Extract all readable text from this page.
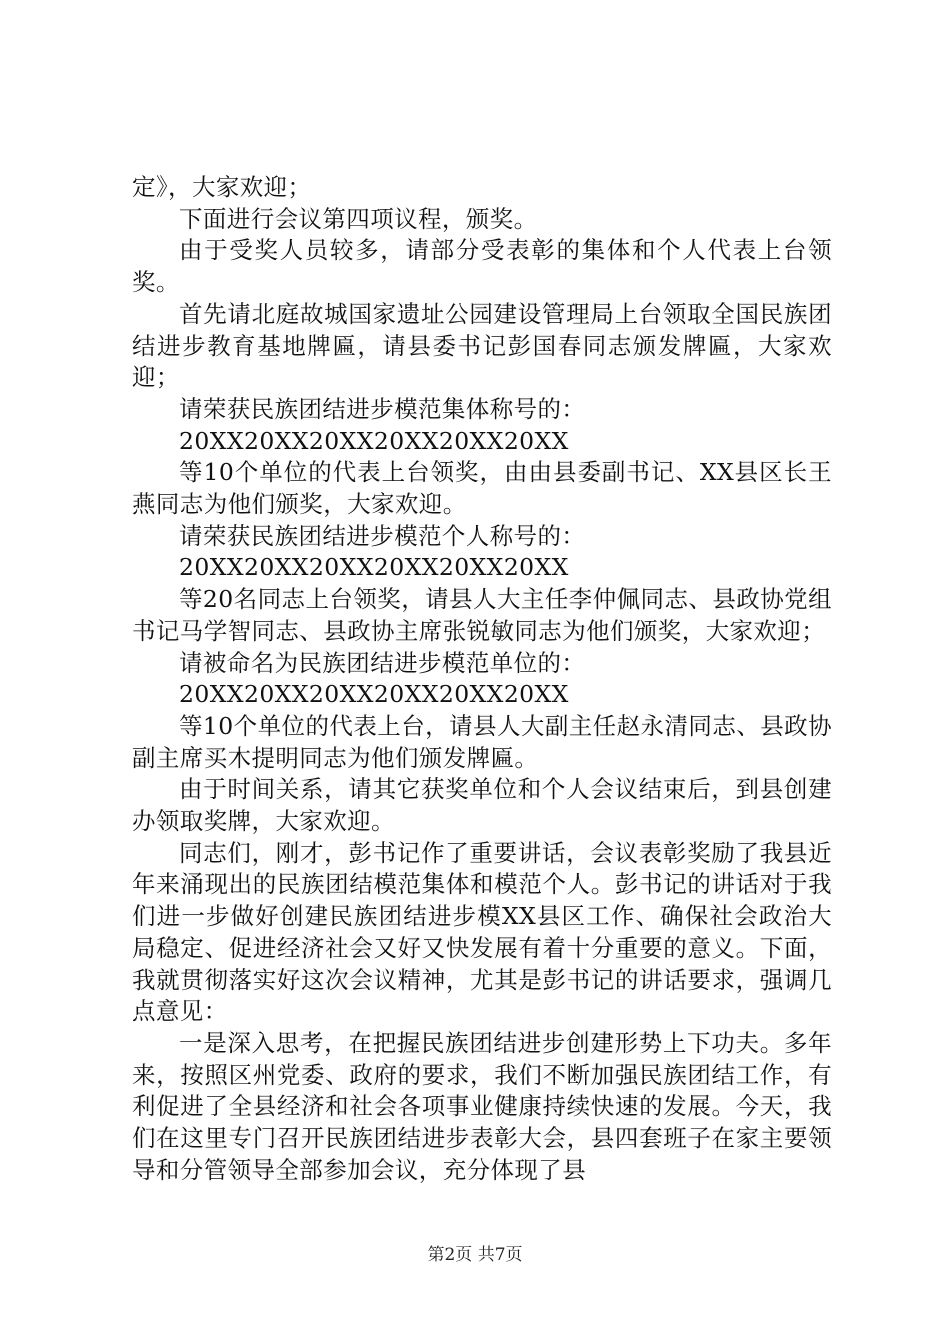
定》，大家欢迎；

下面进行会议第四项议程，颁奖。

由于受奖人员较多，请部分受表彰的集体和个人代表上台领奖。

首先请北庭故城国家遗址公园建设管理局上台领取全国民族团结进步教育基地牌匾，请县委书记彭国春同志颁发牌匾，大家欢迎；

请荣获民族团结进步模范集体称号的：

20XX20XX20XX20XX20XX20XX

等10个单位的代表上台领奖，由由县委副书记、XX县区长王燕同志为他们颁奖，大家欢迎。

请荣获民族团结进步模范个人称号的：

20XX20XX20XX20XX20XX20XX

等20名同志上台领奖，请县人大主任李仲佩同志、县政协党组书记马学智同志、县政协主席张锐敏同志为他们颁奖，大家欢迎；

请被命名为民族团结进步模范单位的：

20XX20XX20XX20XX20XX20XX

等10个单位的代表上台，请县人大副主任赵永清同志、县政协副主席买木提明同志为他们颁发牌匾。

由于时间关系，请其它获奖单位和个人会议结束后，到县创建办领取奖牌，大家欢迎。

同志们，刚才，彭书记作了重要讲话，会议表彰奖励了我县近年来涌现出的民族团结模范集体和模范个人。彭书记的讲话对于我们进一步做好创建民族团结进步模XX县区工作、确保社会政治大局稳定、促进经济社会又好又快发展有着十分重要的意义。下面，我就贯彻落实好这次会议精神，尤其是彭书记的讲话要求，强调几点意见：

一是深入思考，在把握民族团结进步创建形势上下功夫。多年来，按照区州党委、政府的要求，我们不断加强民族团结工作，有利促进了全县经济和社会各项事业健康持续快速的发展。今天，我们在这里专门召开民族团结进步表彰大会，县四套班子在家主要领导和分管领导全部参加会议，充分体现了县

第2页 共7页
